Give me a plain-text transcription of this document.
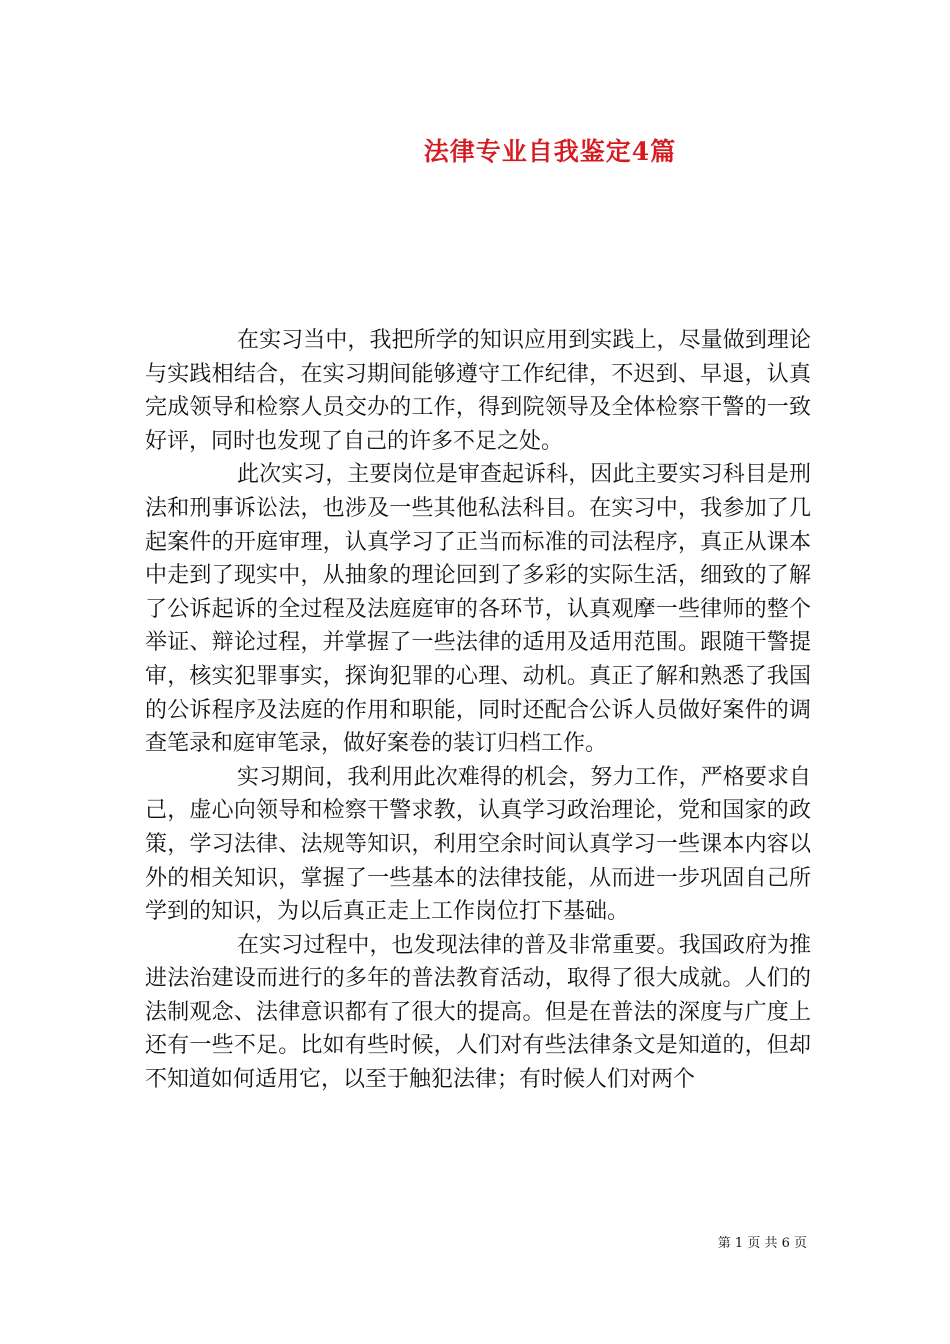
法律专业自我鉴定4篇

在实习当中，我把所学的知识应用到实践上，尽量做到理论与实践相结合，在实习期间能够遵守工作纪律，不迟到、早退，认真完成领导和检察人员交办的工作，得到院领导及全体检察干警的一致好评，同时也发现了自己的许多不足之处。

此次实习，主要岗位是审查起诉科，因此主要实习科目是刑法和刑事诉讼法，也涉及一些其他私法科目。在实习中，我参加了几起案件的开庭审理，认真学习了正当而标准的司法程序，真正从课本中走到了现实中，从抽象的理论回到了多彩的实际生活，细致的了解了公诉起诉的全过程及法庭庭审的各环节，认真观摩一些律师的整个举证、辩论过程，并掌握了一些法律的适用及适用范围。跟随干警提审，核实犯罪事实，探询犯罪的心理、动机。真正了解和熟悉了我国的公诉程序及法庭的作用和职能，同时还配合公诉人员做好案件的调查笔录和庭审笔录，做好案卷的装订归档工作。

实习期间，我利用此次难得的机会，努力工作，严格要求自己，虚心向领导和检察干警求教，认真学习政治理论，党和国家的政策，学习法律、法规等知识，利用空余时间认真学习一些课本内容以外的相关知识，掌握了一些基本的法律技能，从而进一步巩固自己所学到的知识，为以后真正走上工作岗位打下基础。

在实习过程中，也发现法律的普及非常重要。我国政府为推进法治建设而进行的多年的普法教育活动，取得了很大成就。人们的法制观念、法律意识都有了很大的提高。但是在普法的深度与广度上还有一些不足。比如有些时候，人们对有些法律条文是知道的，但却不知道如何适用它，以至于触犯法律；有时候人们对两个

第 1 页 共 6 页
